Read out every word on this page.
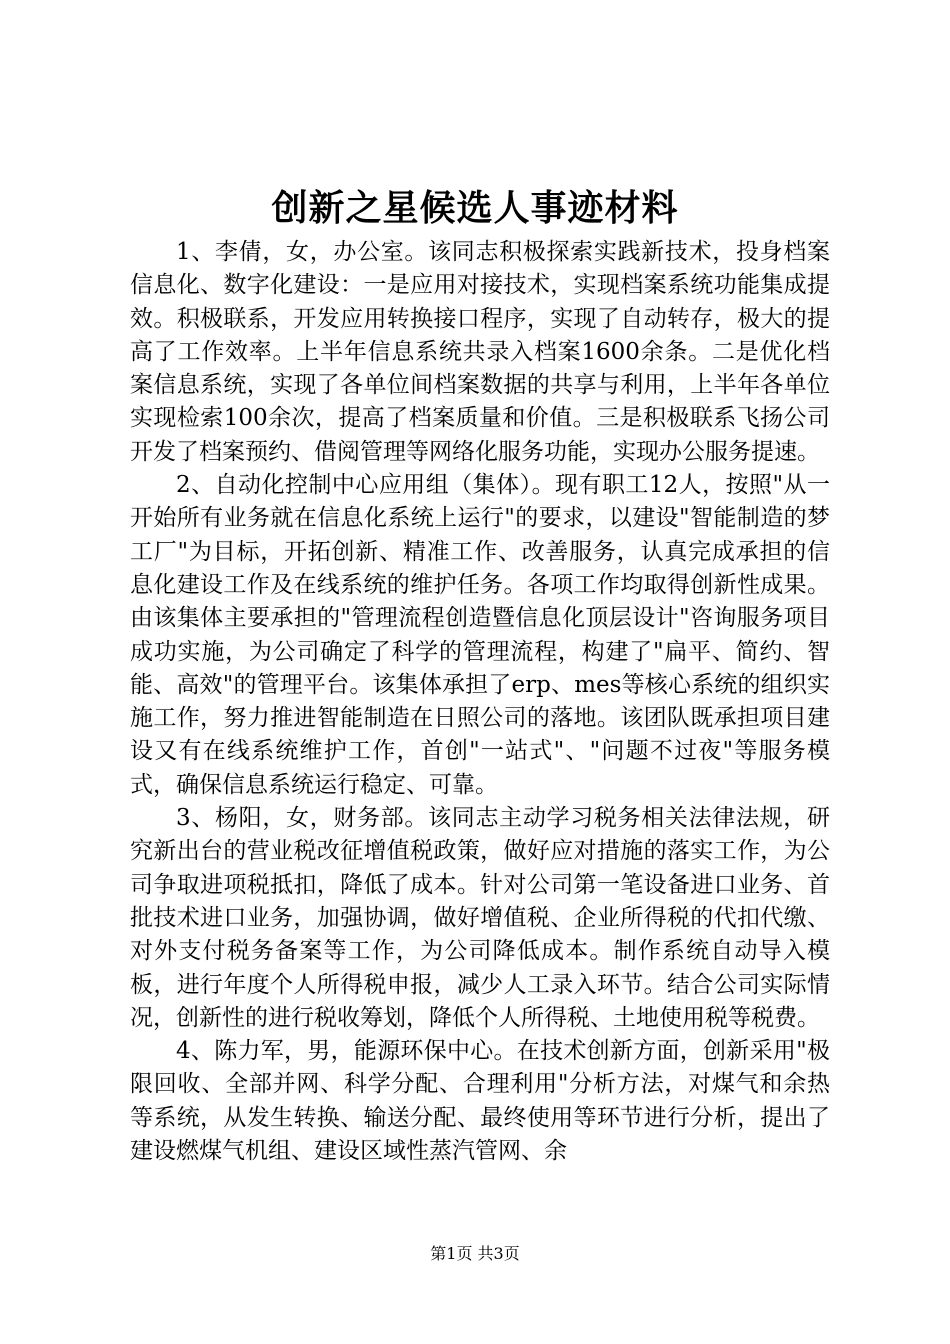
创新之星候选人事迹材料

1、李倩，女，办公室。该同志积极探索实践新技术，投身档案信息化、数字化建设：一是应用对接技术，实现档案系统功能集成提效。积极联系，开发应用转换接口程序，实现了自动转存，极大的提高了工作效率。上半年信息系统共录入档案1600余条。二是优化档案信息系统，实现了各单位间档案数据的共享与利用，上半年各单位实现检索100余次，提高了档案质量和价值。三是积极联系飞扬公司开发了档案预约、借阅管理等网络化服务功能，实现办公服务提速。

2、自动化控制中心应用组（集体）。现有职工12人，按照"从一开始所有业务就在信息化系统上运行"的要求，以建设"智能制造的梦工厂"为目标，开拓创新、精准工作、改善服务，认真完成承担的信息化建设工作及在线系统的维护任务。各项工作均取得创新性成果。由该集体主要承担的"管理流程创造暨信息化顶层设计"咨询服务项目成功实施，为公司确定了科学的管理流程，构建了"扁平、简约、智能、高效"的管理平台。该集体承担了erp、mes等核心系统的组织实施工作，努力推进智能制造在日照公司的落地。该团队既承担项目建设又有在线系统维护工作，首创"一站式"、"问题不过夜"等服务模式，确保信息系统运行稳定、可靠。

3、杨阳，女，财务部。该同志主动学习税务相关法律法规，研究新出台的营业税改征增值税政策，做好应对措施的落实工作，为公司争取进项税抵扣，降低了成本。针对公司第一笔设备进口业务、首批技术进口业务，加强协调，做好增值税、企业所得税的代扣代缴、对外支付税务备案等工作，为公司降低成本。制作系统自动导入模板，进行年度个人所得税申报，减少人工录入环节。结合公司实际情况，创新性的进行税收筹划，降低个人所得税、土地使用税等税费。

4、陈力军，男，能源环保中心。在技术创新方面，创新采用"极限回收、全部并网、科学分配、合理利用"分析方法，对煤气和余热等系统，从发生转换、输送分配、最终使用等环节进行分析，提出了建设燃煤气机组、建设区域性蒸汽管网、余

第1页 共3页
